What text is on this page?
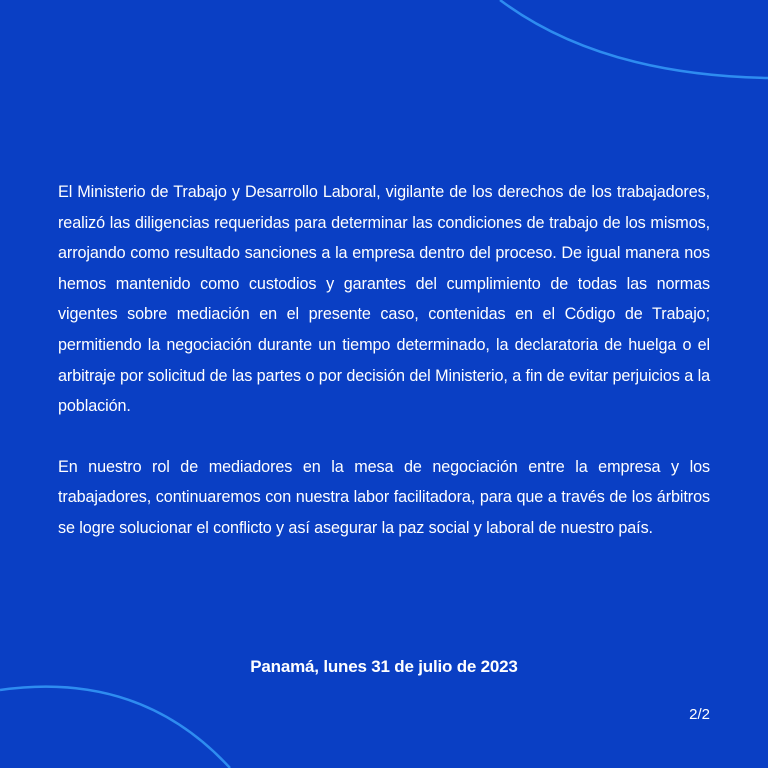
El Ministerio de Trabajo y Desarrollo Laboral, vigilante de los derechos de los trabajadores, realizó las diligencias requeridas para determinar las condiciones de trabajo de los mismos, arrojando como resultado sanciones a la empresa dentro del proceso. De igual manera nos hemos mantenido como custodios y garantes del cumplimiento de todas las normas vigentes sobre mediación en el presente caso, contenidas en el Código de Trabajo; permitiendo la negociación durante un tiempo determinado, la declaratoria de huelga o el arbitraje por solicitud de las partes o por decisión del Ministerio, a fin de evitar perjuicios a la población.

En nuestro rol de mediadores en la mesa de negociación entre la empresa y los trabajadores, continuaremos con nuestra labor facilitadora, para que a través de los árbitros se logre solucionar el conflicto y así asegurar la paz social y laboral de nuestro país.

Panamá, lunes 31 de julio de 2023
2/2
